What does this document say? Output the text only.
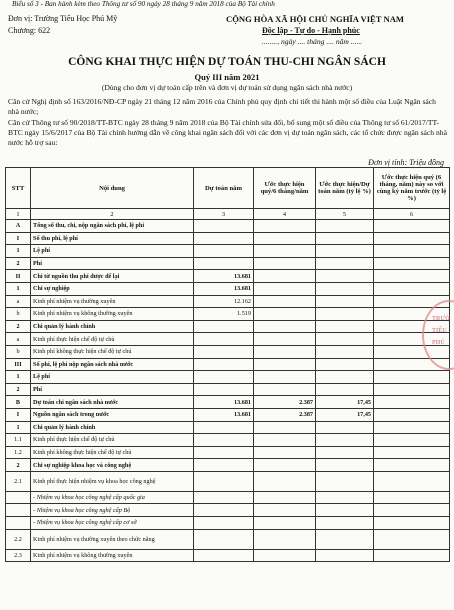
Biểu số 3 - Ban hành kèm theo Thông tư số 90 ngày 28 tháng 9 năm 2018 của Bộ Tài chính
Đơn vị: Trường Tiểu Học Phú Mỹ
Chương: 622
CỘNG HÒA XÃ HỘI CHỦ NGHĨA VIỆT NAM
Độc lập - Tự do - Hạnh phúc
........, ngày .... tháng .... năm ......
CÔNG KHAI THỰC HIỆN DỰ TOÁN THU-CHI NGÂN SÁCH
Quý III năm 2021
(Dùng cho đơn vị dự toán cấp trên và đơn vị dự toán sử dụng ngân sách nhà nước)
Căn cứ Nghị định số 163/2016/NĐ-CP ngày 21 tháng 12 năm 2016 của Chính phủ quy định chi tiết thi hành một số điều của Luật Ngân sách nhà nước;
Căn cứ Thông tư số 90/2018/TT-BTC ngày 28 tháng 9 năm 2018 của Bộ Tài chính sửa đổi, bổ sung một số điều của Thông tư số 61/2017/TT-BTC ngày 15/6/2017 của Bộ Tài chính hướng dẫn về công khai ngân sách đối với các đơn vị dự toán ngân sách, các tổ chức được ngân sách nhà nước hỗ trợ sau:
Đơn vị tính: Triệu đồng
STT	Nội dung	Dự toán năm	Ước thực hiện quý/6 tháng/năm	Ước thực hiện/Dự toán năm (tỷ lệ %)	Ước thực hiện quý (6 tháng, năm) này so với cùng kỳ năm trước (tỷ lệ %)
1	2	3	4	5	6
A	Tổng số thu, chi, nộp ngân sách phí, lệ phí				
I	Số thu phí, lệ phí				
1	Lệ phí				
2	Phí				
II	Chi từ nguồn thu phí được để lại	13.681			
1	Chi sự nghiệp	13.681			
a	Kinh phí nhiệm vụ thường xuyên	12.162			
b	Kinh phí nhiệm vụ không thường xuyên	1.519			
2	Chi quản lý hành chính				
a	Kinh phí thực hiện chế độ tự chủ				
b	Kinh phí không thực hiện chế độ tự chủ				
III	Số phí, lệ phí nộp ngân sách nhà nước				
1	Lệ phí				
2	Phí				
B	Dự toán chi ngân sách nhà nước	13.681	2.387	17,45	
I	Nguồn ngân sách trong nước	13.681	2.387	17,45	
1	Chi quản lý hành chính				
1.1	Kinh phí thực hiện chế độ tự chủ				
1.2	Kinh phí không thực hiện chế độ tự chủ				
2	Chi sự nghiệp khoa học và công nghệ				
2.1	Kinh phí thực hiện nhiệm vụ khoa học công nghệ				
	- Nhiệm vụ khoa học công nghệ cấp quốc gia				
	- Nhiệm vụ khoa học công nghệ cấp Bộ				
	- Nhiệm vụ khoa học công nghệ cấp cơ sở				
2.2	Kinh phí nhiệm vụ thường xuyên theo chức năng				
2.3	Kinh phí nhiệm vụ không thường xuyên				
TRƯỜ
TIỂU
PHÚ
